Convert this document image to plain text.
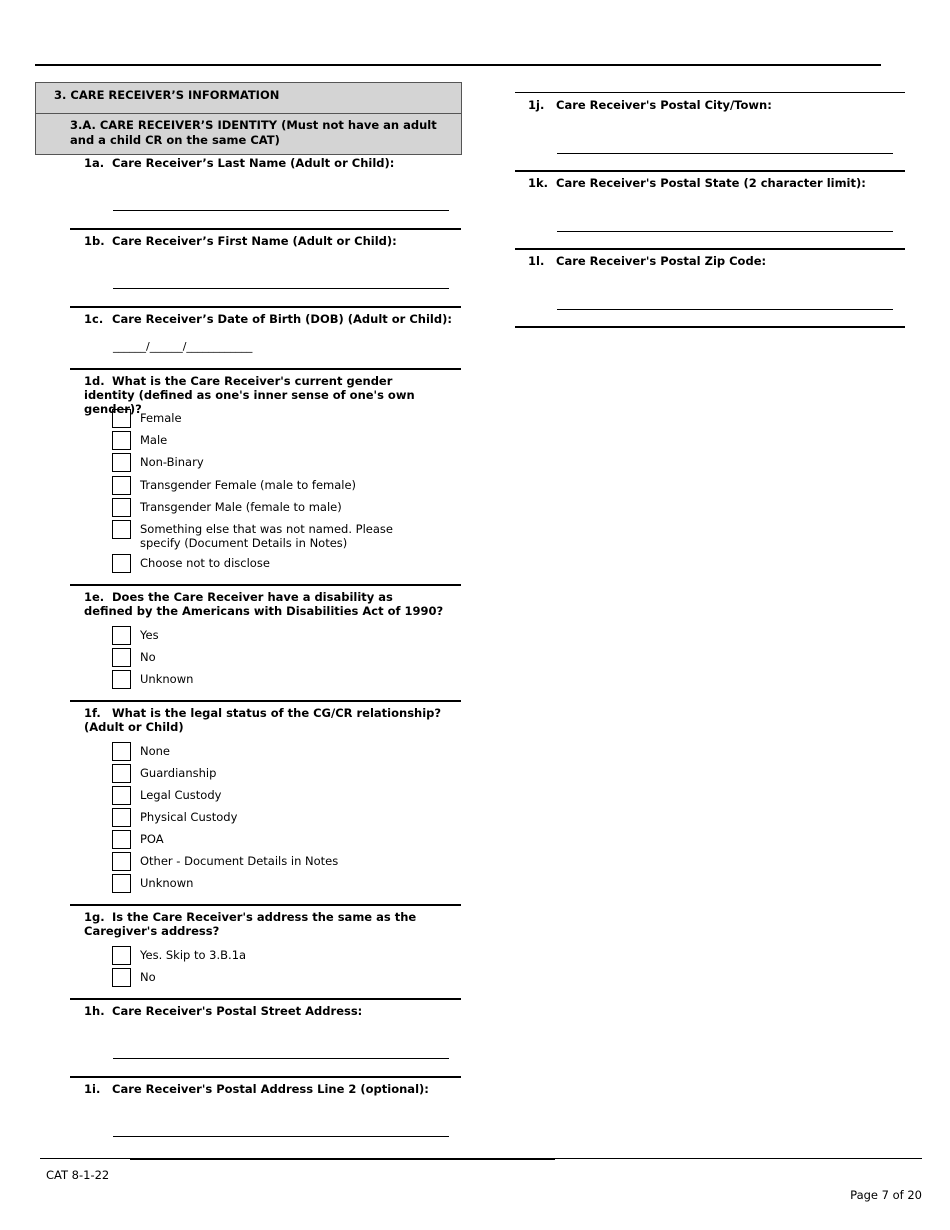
3. CARE RECEIVER’S INFORMATION
3.A. CARE RECEIVER’S IDENTITY (Must not have an adult and a child CR on the same CAT)
1a. Care Receiver’s Last Name (Adult or Child):
1b. Care Receiver’s First Name (Adult or Child):
1c. Care Receiver’s Date of Birth (DOB) (Adult or Child):
______/______/____________
1d. What is the Care Receiver's current gender identity (defined as one's inner sense of one's own gender)?
Female
Male
Non-Binary
Transgender Female (male to female)
Transgender Male (female to male)
Something else that was not named. Please specify (Document Details in Notes)
Choose not to disclose
1e. Does the Care Receiver have a disability as defined by the Americans with Disabilities Act of 1990?
Yes
No
Unknown
1f. What is the legal status of the CG/CR relationship? (Adult or Child)
None
Guardianship
Legal Custody
Physical Custody
POA
Other - Document Details in Notes
Unknown
1g. Is the Care Receiver's address the same as the Caregiver's address?
Yes. Skip to 3.B.1a
No
1h. Care Receiver's Postal Street Address:
1i. Care Receiver's Postal Address Line 2 (optional):
1j. Care Receiver's Postal City/Town:
1k. Care Receiver's Postal State (2 character limit):
1l. Care Receiver's Postal Zip Code:
CAT 8-1-22
Page 7 of 20
